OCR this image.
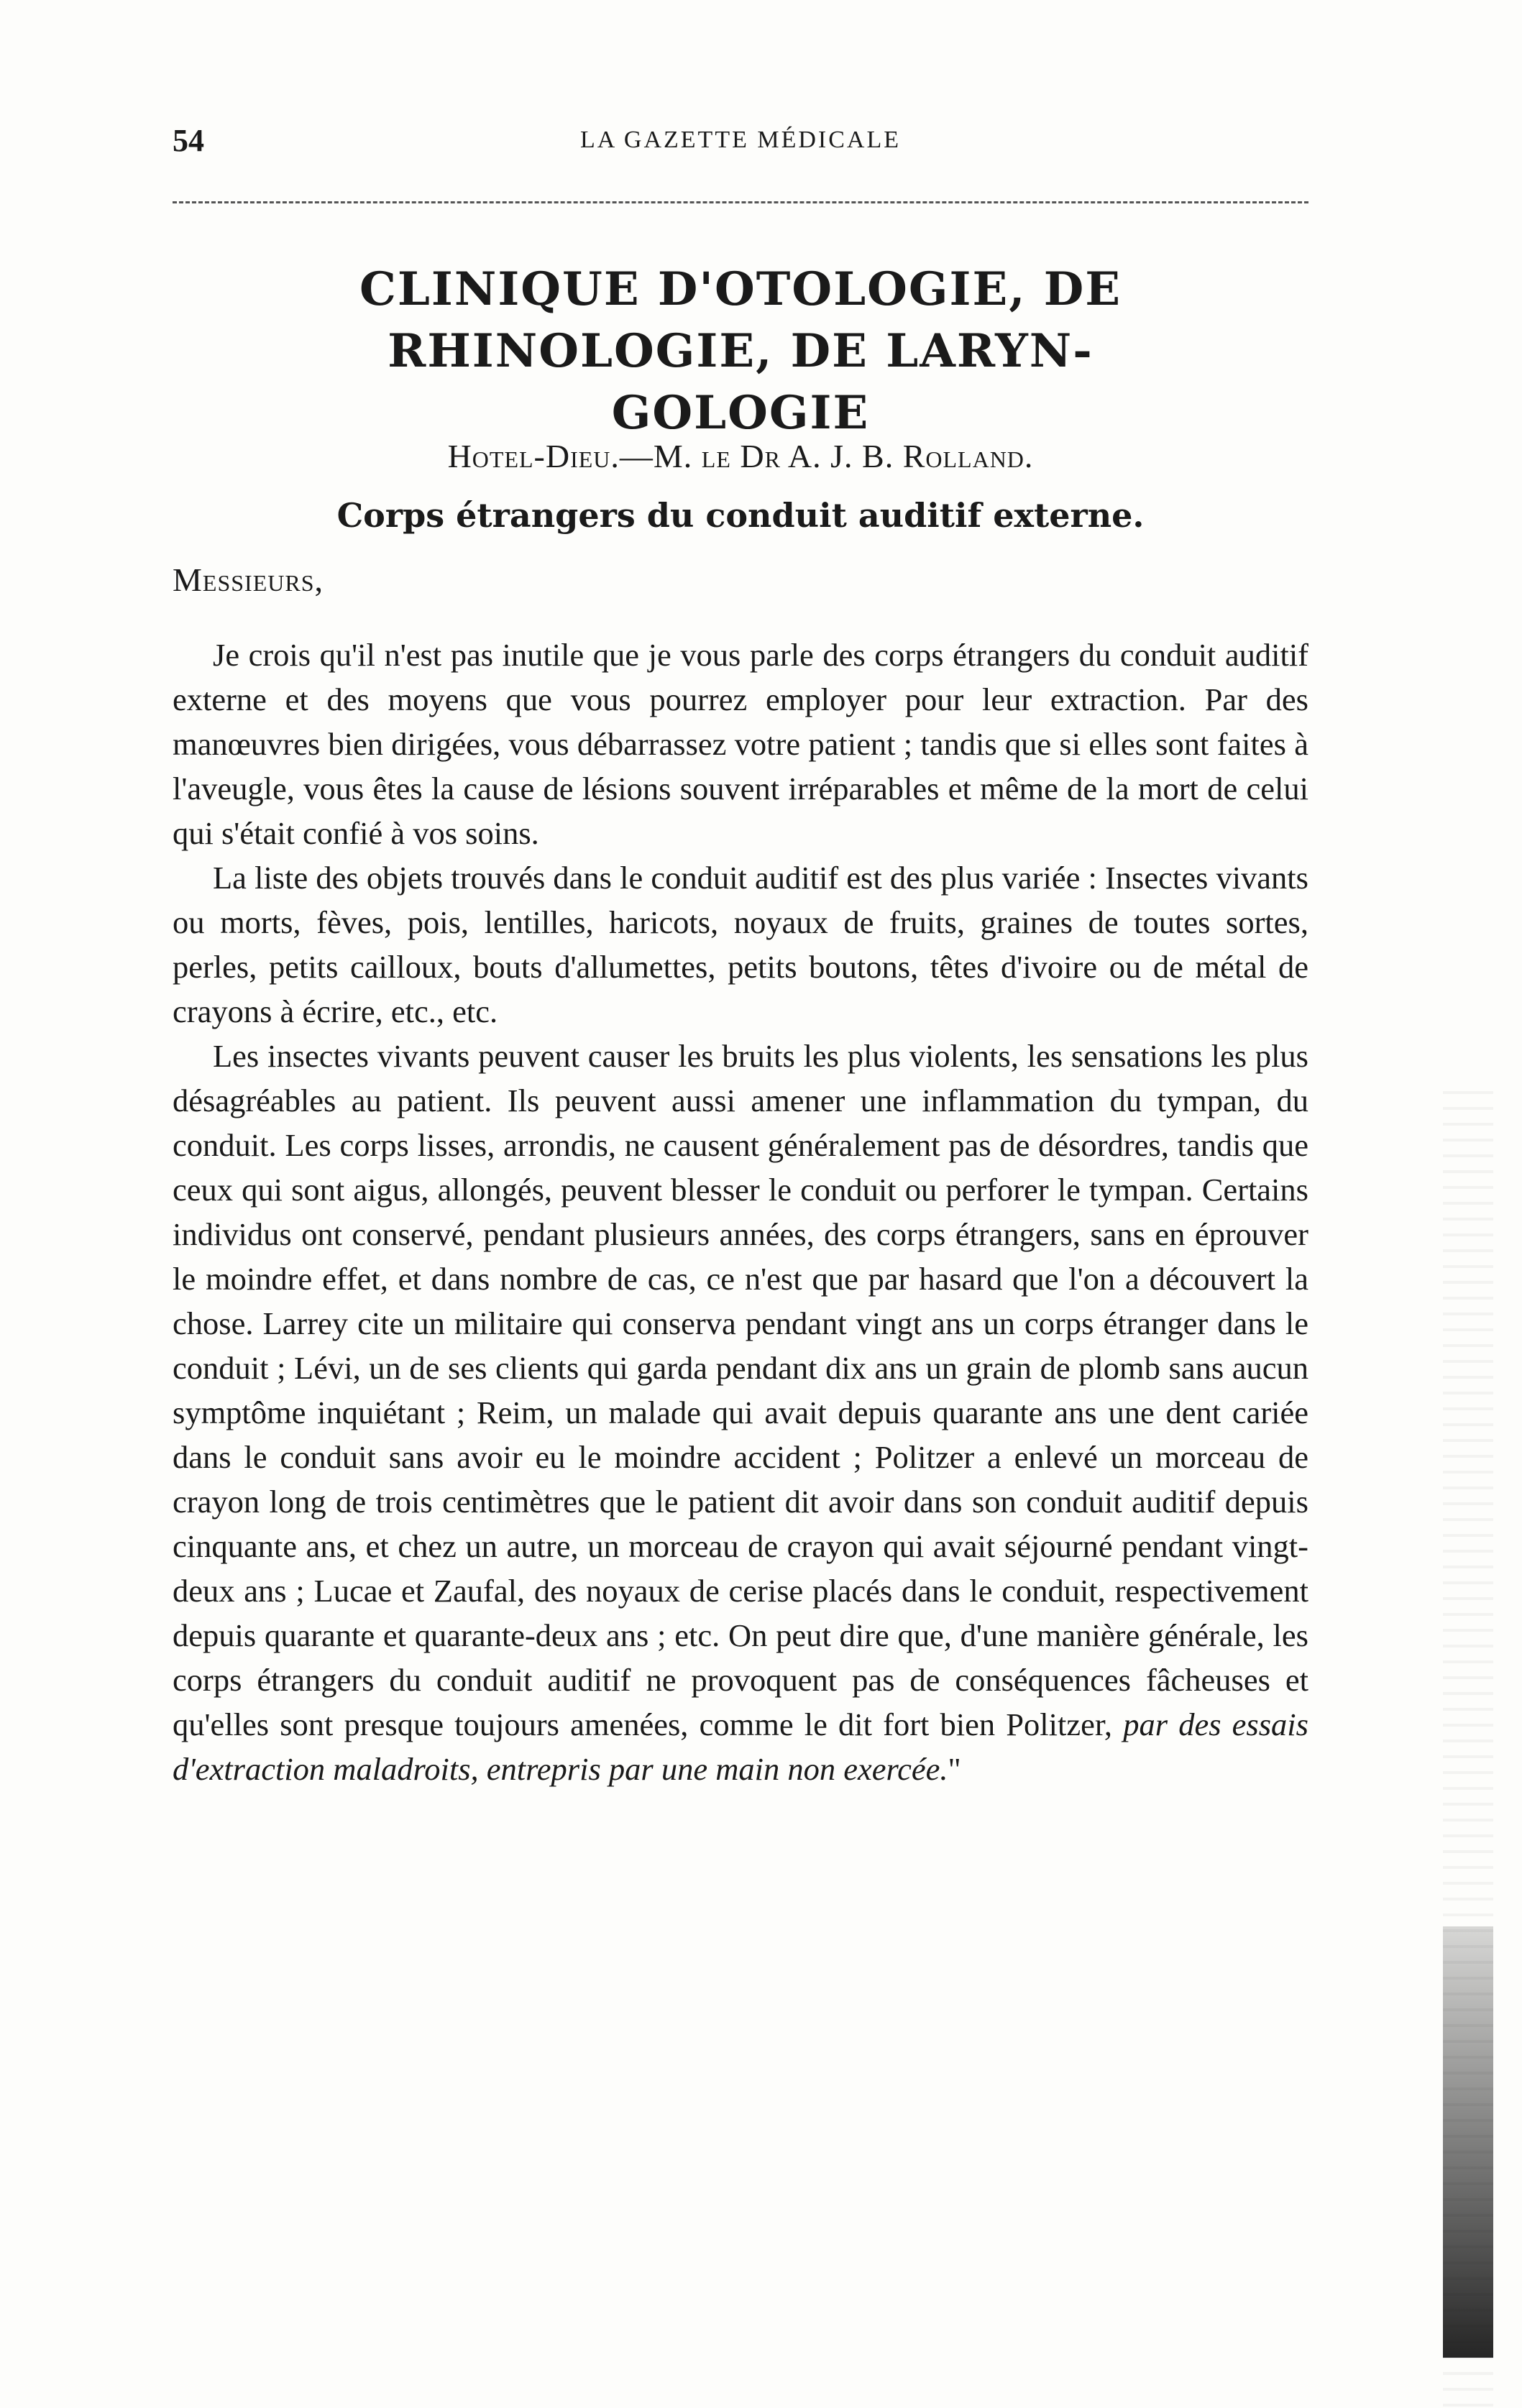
54	LA GAZETTE MÉDICALE
CLINIQUE D'OTOLOGIE, DE RHINOLOGIE, DE LARYN-
GOLOGIE
Hotel-Dieu.—M. le Dr A. J. B. Rolland.
Corps étrangers du conduit auditif externe.
Messieurs,

Je crois qu'il n'est pas inutile que je vous parle des corps étrangers du conduit auditif externe et des moyens que vous pourrez employer pour leur extraction. Par des manœuvres bien dirigées, vous débarrassez votre patient ; tandis que si elles sont faites à l'aveugle, vous êtes la cause de lésions souvent irréparables et même de la mort de celui qui s'était confié à vos soins.

La liste des objets trouvés dans le conduit auditif est des plus variée : Insectes vivants ou morts, fèves, pois, lentilles, haricots, noyaux de fruits, graines de toutes sortes, perles, petits cailloux, bouts d'allumettes, petits boutons, têtes d'ivoire ou de métal de crayons à écrire, etc., etc.

Les insectes vivants peuvent causer les bruits les plus violents, les sensations les plus désagréables au patient. Ils peuvent aussi amener une inflammation du tympan, du conduit. Les corps lisses, arrondis, ne causent généralement pas de désordres, tandis que ceux qui sont aigus, allongés, peuvent blesser le conduit ou perforer le tympan. Certains individus ont conservé, pendant plusieurs années, des corps étrangers, sans en éprouver le moindre effet, et dans nombre de cas, ce n'est que par hasard que l'on a découvert la chose. Larrey cite un militaire qui conserva pendant vingt ans un corps étranger dans le conduit ; Lévi, un de ses clients qui garda pendant dix ans un grain de plomb sans aucun symptôme inquiétant ; Reim, un malade qui avait depuis quarante ans une dent cariée dans le conduit sans avoir eu le moindre accident ; Politzer a enlevé un morceau de crayon long de trois centimètres que le patient dit avoir dans son conduit auditif depuis cinquante ans, et chez un autre, un morceau de crayon qui avait séjourné pendant vingt-deux ans ; Lucae et Zaufal, des noyaux de cerise placés dans le conduit, respectivement depuis quarante et quarante-deux ans ; etc. On peut dire que, d'une manière générale, les corps étrangers du conduit auditif ne provoquent pas de conséquences fâcheuses et qu'elles sont presque toujours amenées, comme le dit fort bien Politzer, par des essais d'extraction maladroits, entrepris par une main non exercée."
